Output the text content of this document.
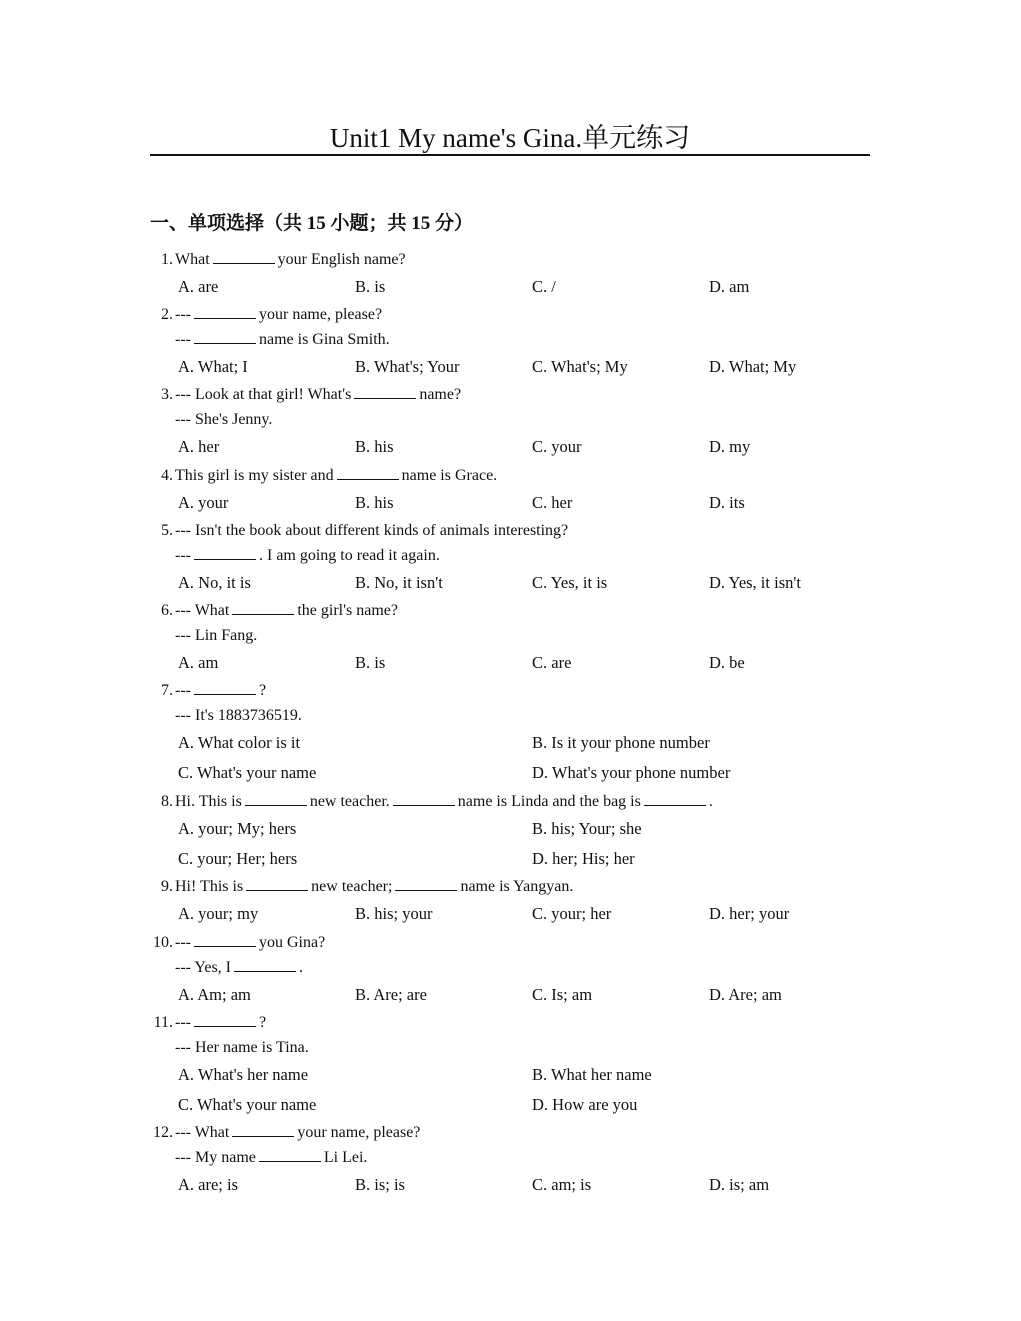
Unit1 My name's Gina.单元练习
一、单项选择（共 15 小题；共 15 分）
1. What	your English name?
A. are	B. is	C. /	D. am
2. ---	your name, please?
---	name is Gina Smith.
A. What; I	B. What's; Your	C. What's; My	D. What; My
3. --- Look at that girl! What's	name?
--- She's Jenny.
A. her	B. his	C. your	D. my
4. This girl is my sister and	name is Grace.
A. your	B. his	C. her	D. its
5. --- Isn't the book about different kinds of animals interesting?
---	. I am going to read it again.
A. No, it is	B. No, it isn't	C. Yes, it is	D. Yes, it isn't
6. --- What	the girl's name?
--- Lin Fang.
A. am	B. is	C. are	D. be
7. ---	?
--- It's 1883736519.
A. What color is it	B. Is it your phone number
C. What's your name	D. What's your phone number
8. Hi. This is	new teacher.	name is Linda and the bag is	.
A. your; My; hers	B. his; Your; she
C. your; Her; hers	D. her; His; her
9. Hi! This is	new teacher;	name is Yangyan.
A. your; my	B. his; your	C. your; her	D. her; your
10. ---	you Gina?
--- Yes, I	.
A. Am; am	B. Are; are	C. Is; am	D. Are; am
11. ---	?
--- Her name is Tina.
A. What's her name	B. What her name
C. What's your name	D. How are you
12. --- What	your name, please?
--- My name	Li Lei.
A. are; is	B. is; is	C. am; is	D. is; am
